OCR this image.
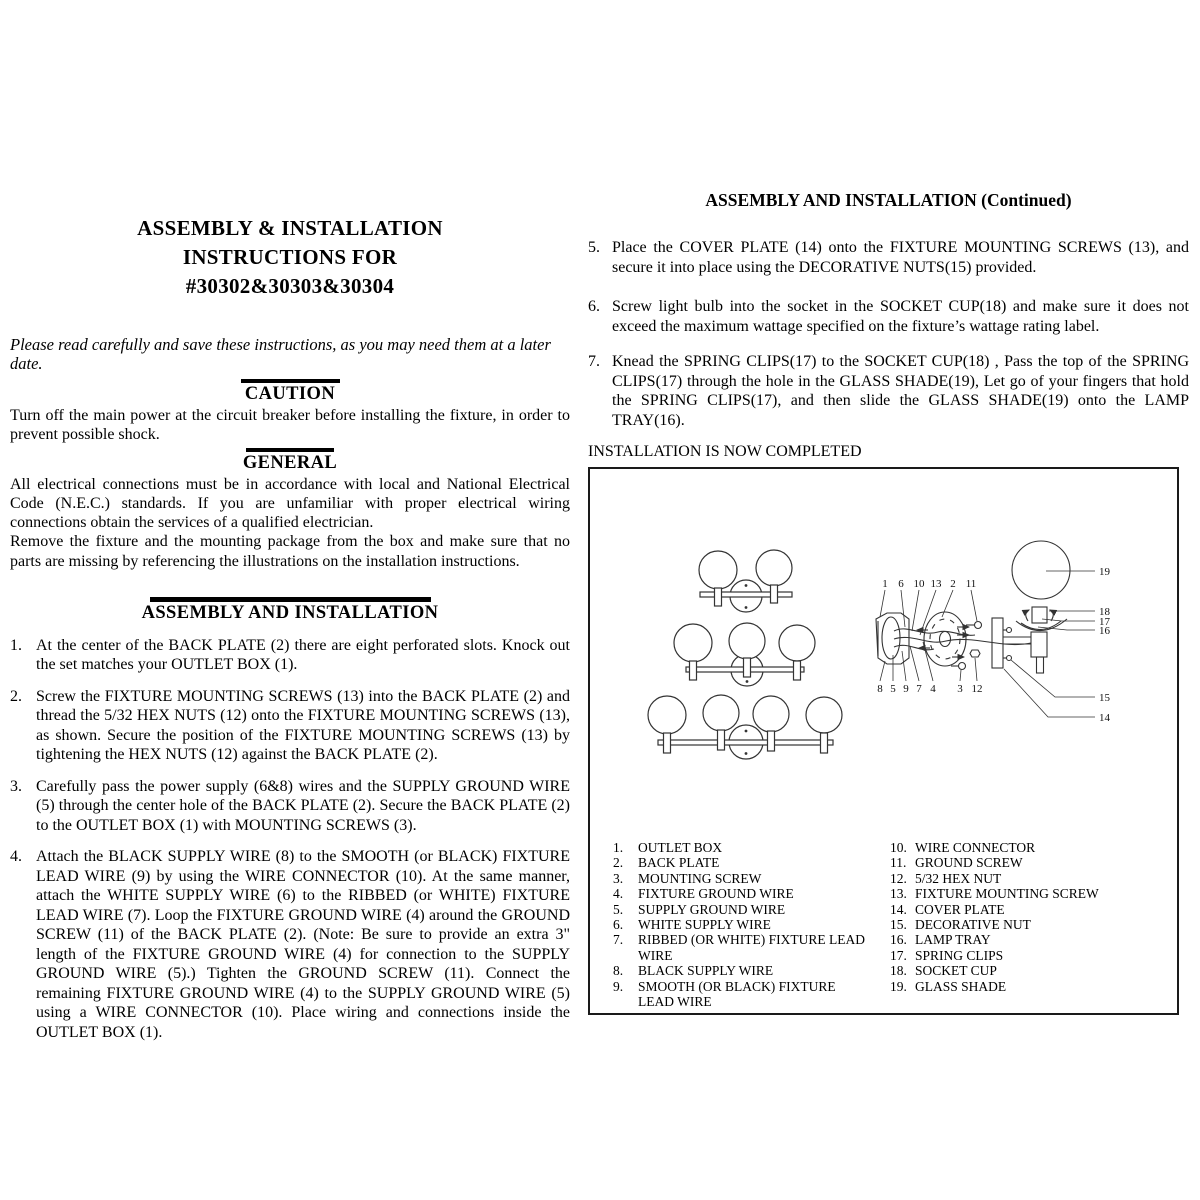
ASSEMBLY & INSTALLATION
INSTRUCTIONS FOR
#30302&30303&30304

Please read carefully and save these instructions, as you may need them at a later date.

CAUTION

Turn off the main power at the circuit breaker before installing the fixture, in order to prevent possible shock.

GENERAL

All electrical connections must be in accordance with local and National Electrical Code (N.E.C.) standards. If you are unfamiliar with proper electrical wiring connections obtain the services of a qualified electrician.

Remove the fixture and the mounting package from the box and make sure that no parts are missing by referencing the illustrations on the installation instructions.

ASSEMBLY AND INSTALLATION
1. At the center of the BACK PLATE (2) there are eight perforated slots. Knock out the set matches your OUTLET BOX (1).
2. Screw the FIXTURE MOUNTING SCREWS (13) into the BACK PLATE (2) and thread the 5/32 HEX NUTS (12) onto the FIXTURE MOUNTING SCREWS (13), as shown. Secure the position of the FIXTURE MOUNTING SCREWS (13) by tightening the HEX NUTS (12) against the BACK PLATE (2).
3. Carefully pass the power supply (6&8) wires and the SUPPLY GROUND WIRE (5) through the center hole of the BACK PLATE (2). Secure the BACK PLATE (2) to the OUTLET BOX (1) with MOUNTING SCREWS (3).
4. Attach the BLACK SUPPLY WIRE (8) to the SMOOTH (or BLACK) FIXTURE LEAD WIRE (9) by using the WIRE CONNECTOR (10). At the same manner, attach the WHITE SUPPLY WIRE (6) to the RIBBED (or WHITE) FIXTURE LEAD WIRE (7). Loop the FIXTURE GROUND WIRE (4) around the GROUND SCREW (11) of the BACK PLATE (2). (Note: Be sure to provide an extra 3" length of the FIXTURE GROUND WIRE (4) for connection to the SUPPLY GROUND WIRE (5).) Tighten the GROUND SCREW (11). Connect the remaining FIXTURE GROUND WIRE (4) to the SUPPLY GROUND WIRE (5) using a WIRE CONNECTOR (10). Place wiring and connections inside the OUTLET BOX (1).
ASSEMBLY AND INSTALLATION (Continued)
5. Place the COVER PLATE (14) onto the FIXTURE MOUNTING SCREWS (13), and secure it into place using the DECORATIVE NUTS(15) provided.
6. Screw light bulb into the socket in the SOCKET CUP(18) and make sure it does not exceed the maximum wattage specified on the fixture’s wattage rating label.
7. Knead the SPRING CLIPS(17) to the SOCKET CUP(18) , Pass the top of the SPRING CLIPS(17) through the hole in the GLASS SHADE(19), Let go of your fingers that hold the SPRING CLIPS(17), and then slide the GLASS SHADE(19) onto the LAMP TRAY(16).

INSTALLATION IS NOW COMPLETED

1 6 10 13 2 11
8 5 9 7 4 3 12
19
18
17
16
15
14
1.	OUTLET BOX
2.	BACK PLATE
3.	MOUNTING SCREW
4.	FIXTURE GROUND WIRE
5.	SUPPLY GROUND WIRE
6.	WHITE SUPPLY WIRE
7.	RIBBED (OR WHITE) FIXTURE LEAD WIRE
8.	BLACK SUPPLY WIRE
9.	SMOOTH (OR BLACK) FIXTURE LEAD WIRE
10. WIRE CONNECTOR
11. GROUND SCREW
12. 5/32 HEX NUT
13. FIXTURE MOUNTING SCREW
14. COVER PLATE
15. DECORATIVE NUT
16. LAMP TRAY
17. SPRING CLIPS
18. SOCKET CUP
19. GLASS SHADE
